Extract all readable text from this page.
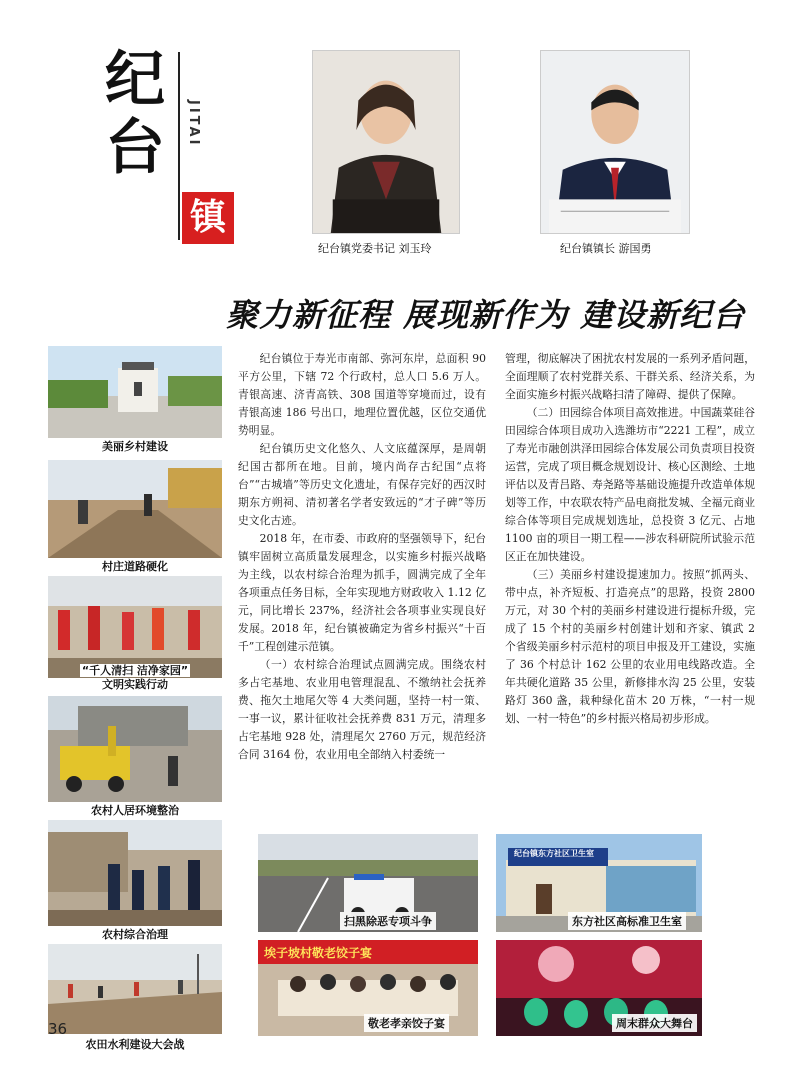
纪
台	JITAI
镇
纪台镇党委书记 刘玉玲	纪台镇镇长 游国勇
聚力新征程 展现新作为 建设新纪台
美丽乡村建设
村庄道路硬化
“千人清扫 洁净家园”
文明实践行动
农村人居环境整治
农村综合治理
农田水利建设大会战
36

纪台镇位于寿光市南部、弥河东岸，总面积 90 平方公里，下辖 72 个行政村，总人口 5.6 万人。青银高速、济青高铁、308 国道等穿境而过，设有青银高速 186 号出口，地理位置优越，区位交通优势明显。

纪台镇历史文化悠久、人文底蕴深厚，是周朝纪国古都所在地。目前，境内尚存古纪国“点将台”“古城墙”等历史文化遗址，有保存完好的西汉时期东方朔祠、清初著名学者安致远的“才子碑”等历史文化古迹。

2018 年，在市委、市政府的坚强领导下，纪台镇牢固树立高质量发展理念，以实施乡村振兴战略为主线，以农村综合治理为抓手，圆满完成了全年各项重点任务目标，全年实现地方财政收入 1.12 亿元，同比增长 237%，经济社会各项事业实现良好发展。2018 年，纪台镇被确定为省乡村振兴“十百千”工程创建示范镇。

（一）农村综合治理试点圆满完成。围绕农村多占宅基地、农业用电管理混乱、不缴纳社会抚养费、拖欠土地尾欠等 4 大类问题，坚持一村一策、一事一议，累计征收社会抚养费 831 万元，清理多占宅基地 928 处，清理尾欠 2760 万元，规范经济合同 3164 份，农业用电全部纳入村委统一

管理，彻底解决了困扰农村发展的一系列矛盾问题，全面理顺了农村党群关系、干群关系、经济关系，为全面实施乡村振兴战略扫清了障碍、提供了保障。

（二）田园综合体项目高效推进。中国蔬菜硅谷田园综合体项目成功入选潍坊市“2221 工程”，成立了寿光市融创洪泽田园综合体发展公司负责项目投资运营，完成了项目概念规划设计、核心区测绘、土地评估以及青吕路、寿尧路等基础设施提升改造单体规划等工作，中农联农特产品电商批发城、全福元商业综合体等项目完成规划选址，总投资 3 亿元、占地 1100 亩的项目一期工程——涉农科研院所试验示范区正在加快建设。

（三）美丽乡村建设提速加力。按照“抓两头、带中点，补齐短板、打造亮点”的思路，投资 2800 万元，对 30 个村的美丽乡村建设进行提标升级，完成了 15 个村的美丽乡村创建计划和齐家、镇武 2 个省级美丽乡村示范村的项目申报及开工建设，实施了 36 个村总计 162 公里的农业用电线路改造。全年共硬化道路 35 公里，新修排水沟 25 公里，安装路灯 360 盏，栽种绿化苗木 20 万株，“一村一规划、一村一特色”的乡村振兴格局初步形成。

扫黑除恶专项斗争
纪台镇东方社区卫生室
东方社区高标准卫生室
埃子坡村敬老饺子宴
敬老孝亲饺子宴	周末群众大舞台
